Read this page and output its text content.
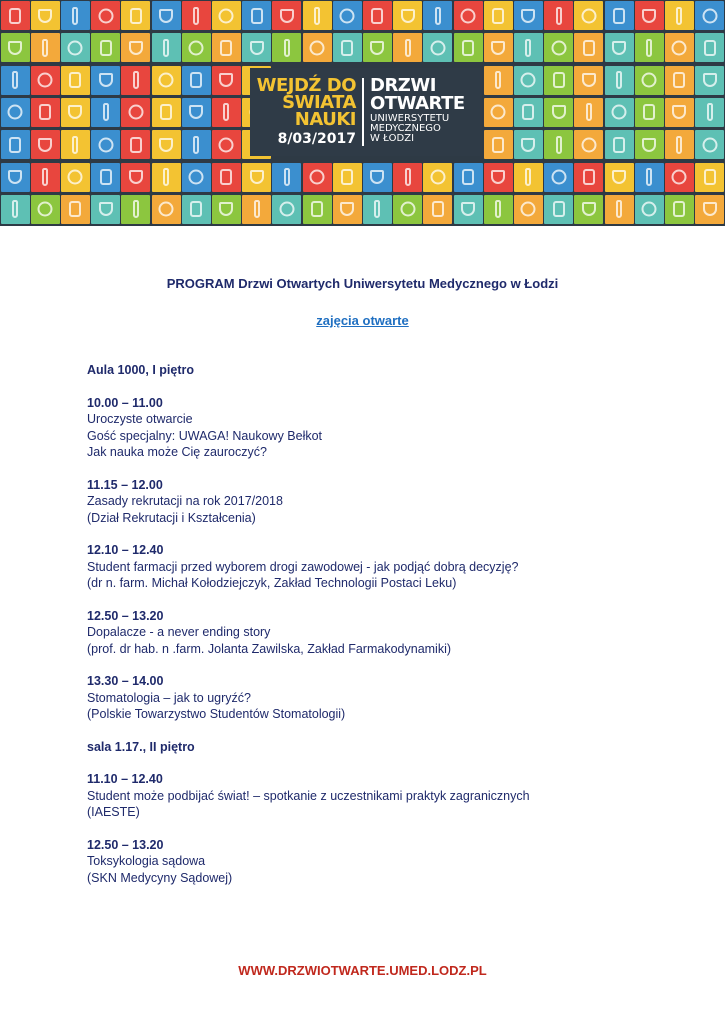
WEJDŹ DO
ŚWIATA
NAUKI
8/03/2017
DRZWI
OTWARTE
UNIWERSYTETU
MEDYCZNEGO
W ŁODZI
PROGRAM Drzwi Otwartych Uniwersytetu Medycznego w Łodzi
zajęcia otwarte
Aula 1000, I piętro
10.00 – 11.00
Uroczyste otwarcie
Gość specjalny: UWAGA! Naukowy Bełkot
Jak nauka może Cię zauroczyć?
11.15 – 12.00
Zasady rekrutacji na rok 2017/2018
(Dział Rekrutacji i Kształcenia)
12.10 – 12.40
Student farmacji przed wyborem drogi zawodowej - jak podjąć dobrą decyzję?
(dr n. farm. Michał Kołodziejczyk, Zakład Technologii Postaci Leku)
12.50 – 13.20
Dopalacze - a never ending story
(prof. dr hab. n .farm. Jolanta Zawilska, Zakład Farmakodynamiki)
13.30 – 14.00
Stomatologia – jak to ugryźć?
(Polskie Towarzystwo Studentów Stomatologii)
sala 1.17., II piętro
11.10 – 12.40
Student może podbijać świat! – spotkanie z uczestnikami praktyk zagranicznych
(IAESTE)
12.50 – 13.20
Toksykologia sądowa
(SKN Medycyny Sądowej)
WWW.DRZWIOTWARTE.UMED.LODZ.PL
